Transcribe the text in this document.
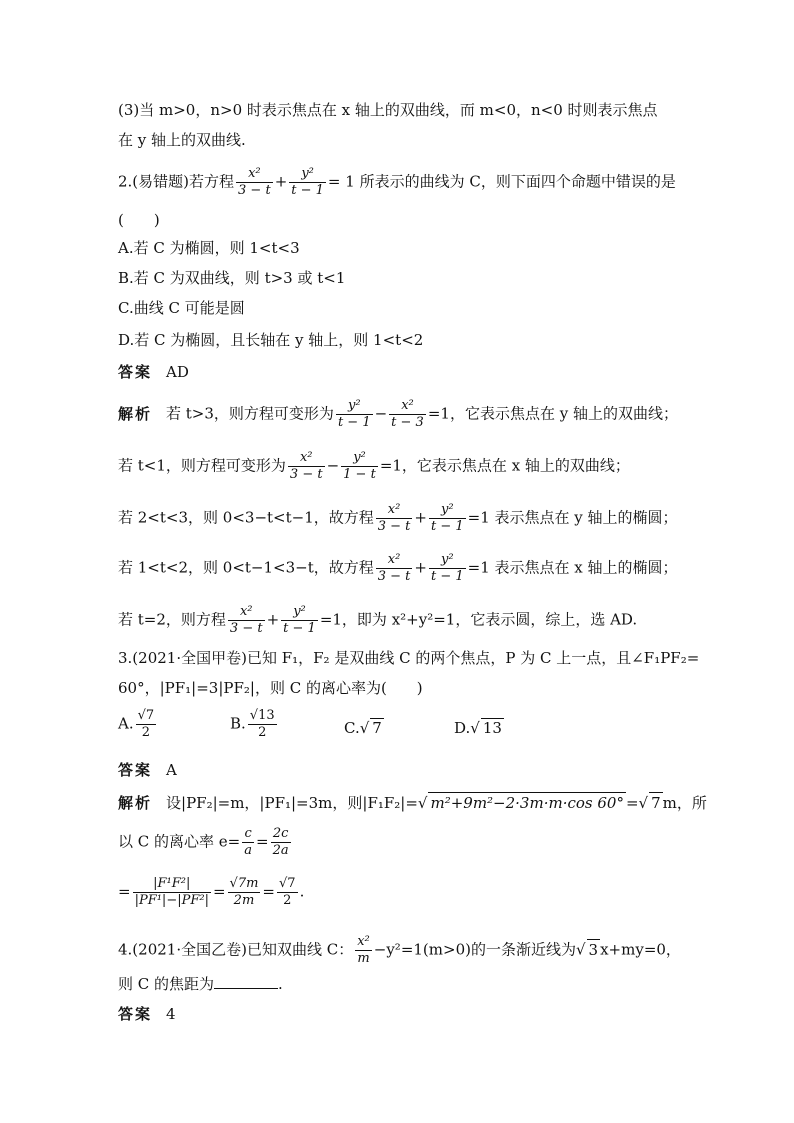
(3)当 m>0，n>0 时表示焦点在 x 轴上的双曲线，而 m<0，n<0 时则表示焦点
在 y 轴上的双曲线.
2.(易错题)若方程 $\frac{\text{x²}}{3 - t} + \frac{\text{y²}}{t - 1} = 1$ 所表示的曲线为 C，则下面四个命题中错误的是
(　　)
A.若 C 为椭圆，则 1<t<3
B.若 C 为双曲线，则 t>3 或 t<1
C.曲线 C 可能是圆
D.若 C 为椭圆，且长轴在 y 轴上，则 1<t<2
答案 AD
解析 若 t>3，则方程可变形为 $\frac{\text{y²}}{t - 1} - \frac{\text{x²}}{t - 3} =1$，它表示焦点在 y 轴上的双曲线；
若 t<1，则方程可变形为 $\frac{\text{x²}}{3 - t} - \frac{\text{y²}}{1 - t} =1$，它表示焦点在 x 轴上的双曲线；
若 2<t<3，则 0<3−t<t−1，故方程 $\frac{\text{x²}}{3 - t} + \frac{\text{y²}}{t - 1} =1$ 表示焦点在 y 轴上的椭圆；
若 1<t<2，则 0<t−1<3−t，故方程 $\frac{\text{x²}}{3 - t} + \frac{\text{y²}}{t - 1} =1$ 表示焦点在 x 轴上的椭圆；
若 t=2，则方程 $\frac{\text{x²}}{3 - t} + \frac{\text{y²}}{t - 1} =1$，即为 x²+y²=1，它表示圆，综上，选 AD.
3.(2021·全国甲卷)已知 F₁，F₂ 是双曲线 C 的两个焦点，P 为 C 上一点，且∠F₁PF₂=
60°，|PF₁|=3|PF₂|，则 C 的离心率为(　　)
A. $\frac{√7}{2}$	B. $\frac{√13}{2}$	C.√ 7	D.√ 13
答案 A
解析 设|PF₂|=m，|PF₁|=3m，则|F₁F₂|=√ m²+9m²−2·3m·m·cos 60° =√ 7 m，所
以 C 的离心率 $e= \frac{c}{a} = \frac{2c}{2a}$
= $\frac{\text{|F¹F²|}}{\text{|PF¹|−|PF²|}} = \frac{√7m}{2m} = \frac{√7}{2}$ .
4.(2021·全国乙卷)已知双曲线 C： $\frac{\text{x²}}{m} -y^2=1(m>0)$的一条渐近线为√ 3 x+my=0，
则 C 的焦距为	.
答案 4
